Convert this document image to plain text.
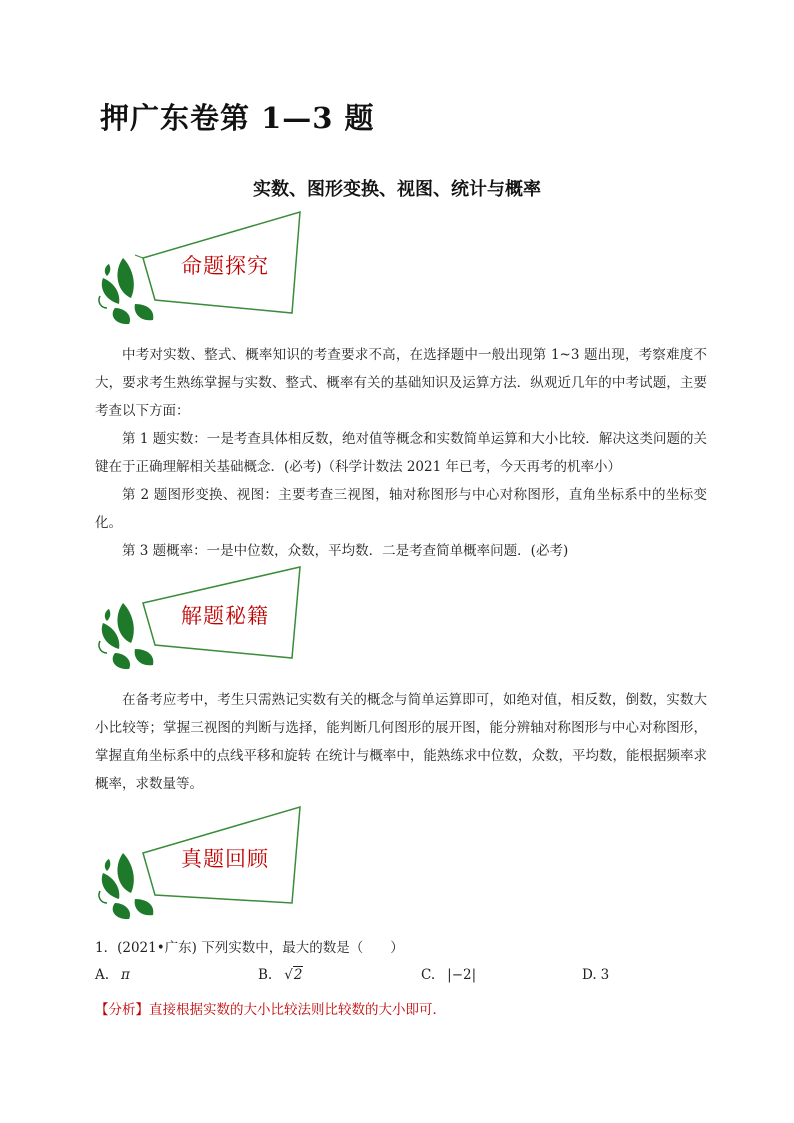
押广东卷第 1—3 题
实数、图形变换、视图、统计与概率
命题探究
中考对实数、整式、概率知识的考查要求不高，在选择题中一般出现第 1~3 题出现，考察难度不大，要求考生熟练掌握与实数、整式、概率有关的基础知识及运算方法．纵观近几年的中考试题，主要考查以下方面：
第 1 题实数：一是考查具体相反数，绝对值等概念和实数简单运算和大小比较．解决这类问题的关键在于正确理解相关基础概念．(必考)（科学计数法 2021 年已考，今天再考的机率小）
第 2 题图形变换、视图：主要考查三视图，轴对称图形与中心对称图形，直角坐标系中的坐标变化。
第 3 题概率：一是中位数，众数，平均数．二是考查简单概率问题．(必考)
解题秘籍
在备考应考中，考生只需熟记实数有关的概念与简单运算即可，如绝对值，相反数，倒数，实数大小比较等；掌握三视图的判断与选择，能判断几何图形的展开图，能分辨轴对称图形与中心对称图形，掌握直角坐标系中的点线平移和旋转 在统计与概率中，能熟练求中位数，众数，平均数，能根据频率求概率，求数量等。
真题回顾
1．(2021•广东) 下列实数中，最大的数是（　　）
A. π	B. √2	C. |−2|	D. 3
【分析】直接根据实数的大小比较法则比较数的大小即可．
